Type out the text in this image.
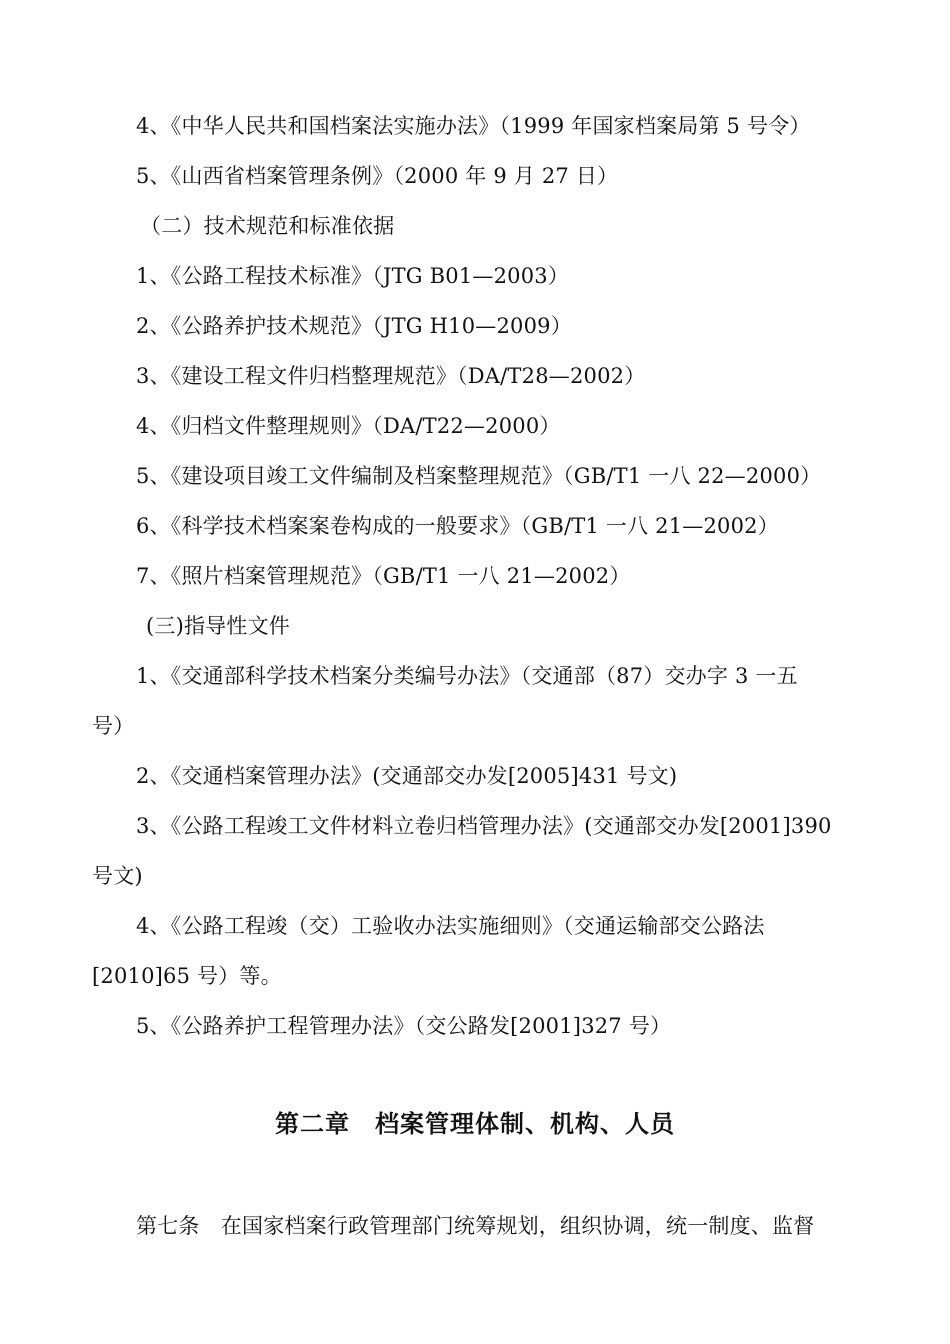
4、《中华人民共和国档案法实施办法》（1999 年国家档案局第 5 号令）
5、《山西省档案管理条例》（2000 年 9 月 27 日）
（二）技术规范和标准依据
1、《公路工程技术标准》（JTG B01—2003）
2、《公路养护技术规范》（JTG H10—2009）
3、《建设工程文件归档整理规范》（DA/T28—2002）
4、《归档文件整理规则》（DA/T22—2000）
5、《建设项目竣工文件编制及档案整理规范》（GB/T1 一八 22—2000）
6、《科学技术档案案卷构成的一般要求》（GB/T1 一八 21—2002）
7、《照片档案管理规范》（GB/T1 一八 21—2002）
(三)指导性文件
1、《交通部科学技术档案分类编号办法》（交通部（87）交办字 3 一五
号）
2、《交通档案管理办法》(交通部交办发[2005]431 号文)
3、《公路工程竣工文件材料立卷归档管理办法》(交通部交办发[2001]390
号文)
4、《公路工程竣（交）工验收办法实施细则》（交通运输部交公路法
[2010]65 号）等。
5、《公路养护工程管理办法》（交公路发[2001]327 号）
第二章　档案管理体制、机构、人员
第七条　在国家档案行政管理部门统筹规划，组织协调，统一制度、监督
